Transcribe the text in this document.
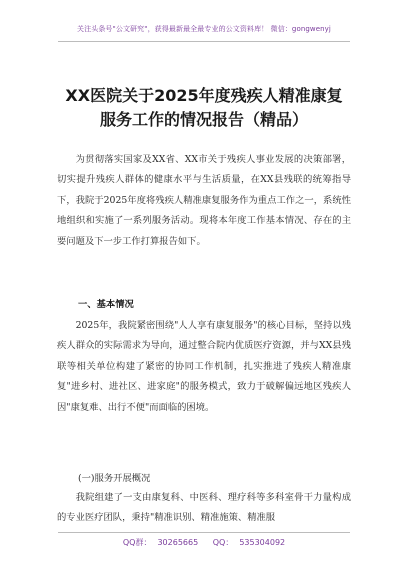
关注头条号"公文研究"，获得最新最全最专业的公文资料库！ 微信：gongwenyj
XX医院关于2025年度残疾人精准康复
服务工作的情况报告（精品）

为贯彻落实国家及XX省、XX市关于残疾人事业发展的决策部署，切实提升残疾人群体的健康水平与生活质量，在XX县残联的统筹指导下，我院于2025年度将残疾人精准康复服务作为重点工作之一，系统性地组织和实施了一系列服务活动。现将本年度工作基本情况、存在的主要问题及下一步工作打算报告如下。

一、基本情况

2025年，我院紧密围绕"人人享有康复服务"的核心目标，坚持以残疾人群众的实际需求为导向，通过整合院内优质医疗资源，并与XX县残联等相关单位构建了紧密的协同工作机制，扎实推进了残疾人精准康复"进乡村、进社区、进家庭"的服务模式，致力于破解偏远地区残疾人因"康复难、出行不便"而面临的困境。

(一)服务开展概况

我院组建了一支由康复科、中医科、理疗科等多科室骨干力量构成的专业医疗团队，秉持"精准识别、精准施策、精准服

QQ群： 30265665 QQ： 535304092
